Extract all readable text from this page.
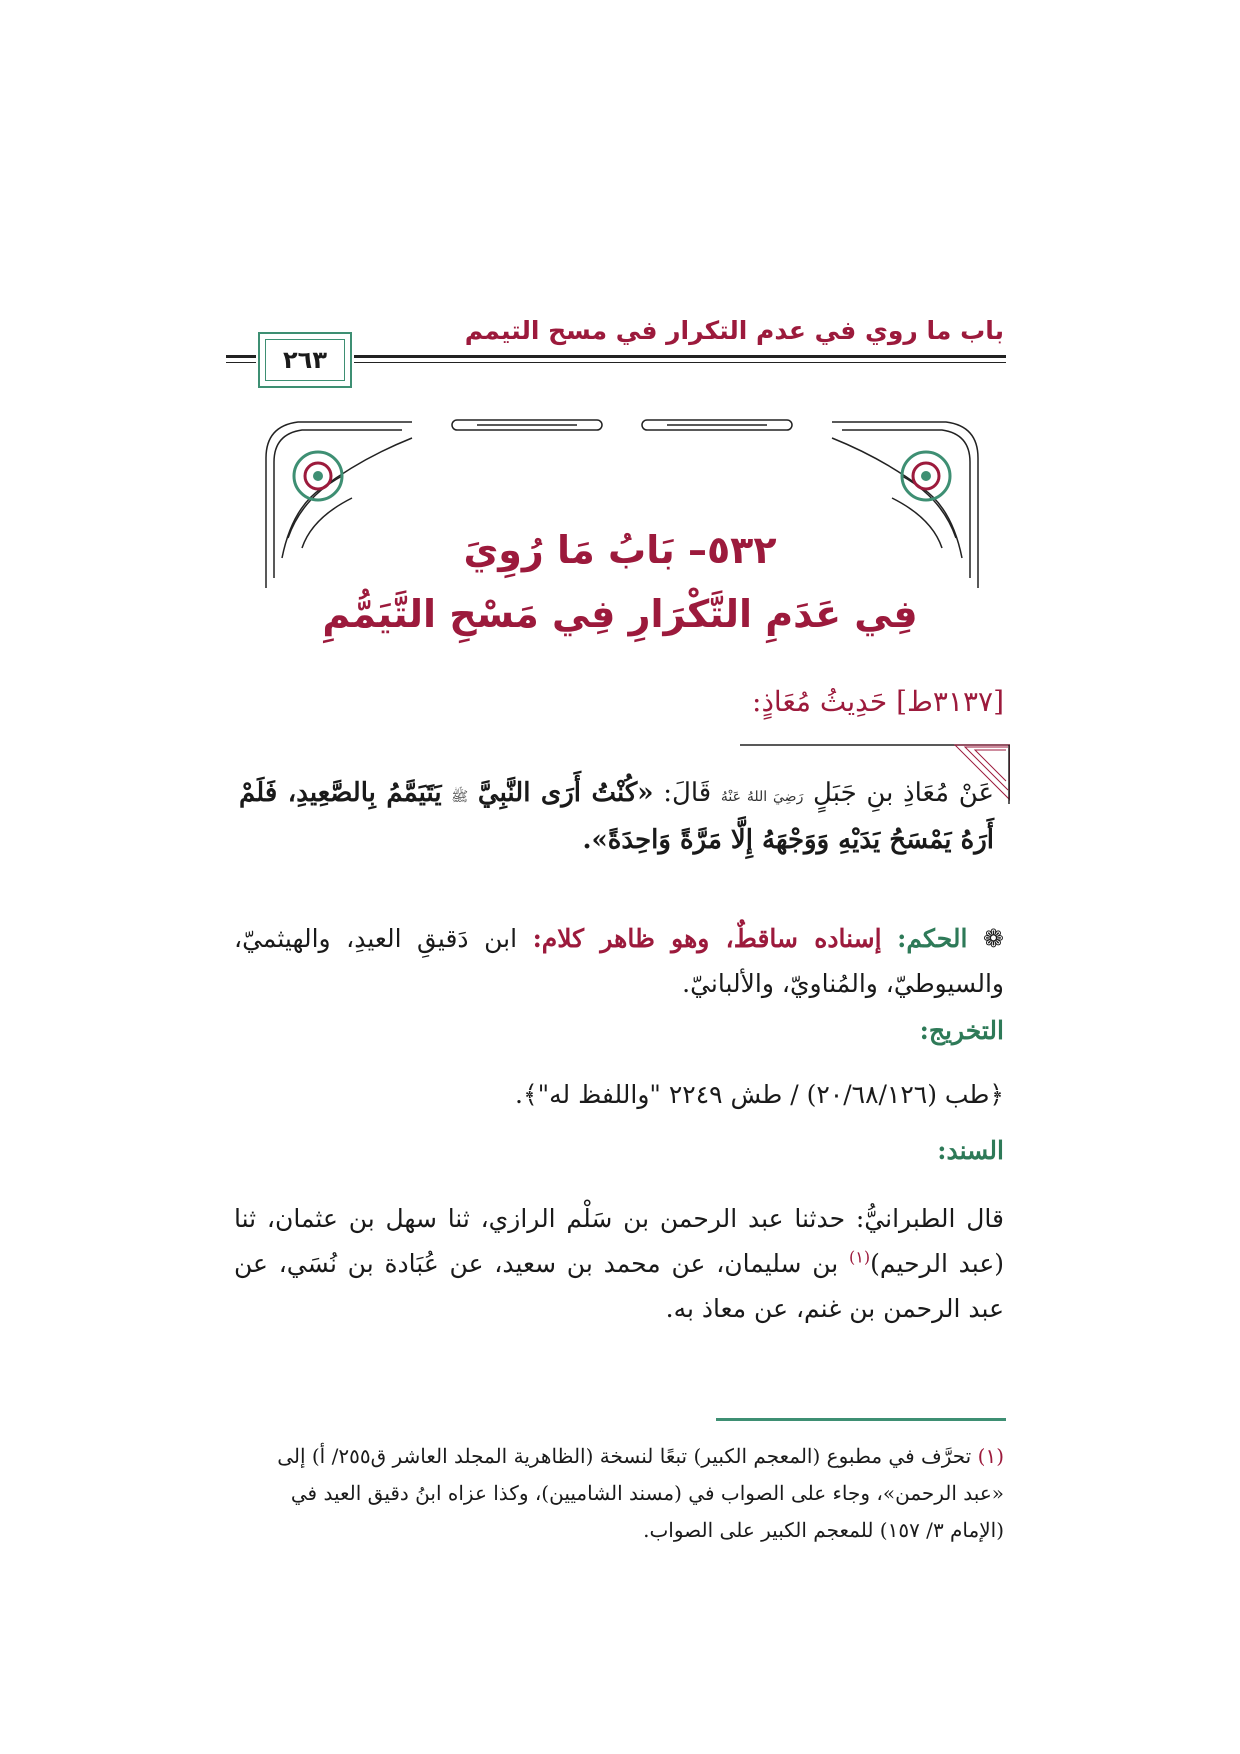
باب ما روي في عدم التكرار في مسح التيمم
٢٦٣
٥٣٢– بَابُ مَا رُوِيَ
فِي عَدَمِ التَّكْرَارِ فِي مَسْحِ التَّيَمُّمِ
[٣١٣٧ط] حَدِيثُ مُعَاذٍ:
عَنْ مُعَاذِ بنِ جَبَلٍ رَضِيَ اللهُ عَنْهُ قَالَ: «كُنْتُ أَرَى النَّبِيَّ ﷺ يَتَيَمَّمُ بِالصَّعِيدِ، فَلَمْ أَرَهُ يَمْسَحُ يَدَيْهِ وَوَجْهَهُ إِلَّا مَرَّةً وَاحِدَةً».
❁ الحكم: إسناده ساقطٌ، وهو ظاهر كلام: ابن دَقيقِ العيدِ، والهيثميّ، والسيوطيّ، والمُناويّ، والألبانيّ.
التخريج:
﴿طب (٢٠/٦٨/١٢٦) / طش ٢٢٤٩ "واللفظ له"﴾.
السند:
قال الطبرانيُّ: حدثنا عبد الرحمن بن سَلْم الرازي، ثنا سهل بن عثمان، ثنا (عبد الرحيم)$^{(١)}$ بن سليمان، عن محمد بن سعيد، عن عُبَادة بن نُسَي، عن عبد الرحمن بن غنم، عن معاذ به.
(١) تحرَّف في مطبوع (المعجم الكبير) تبعًا لنسخة (الظاهرية المجلد العاشر ق٢٥٥/ أ) إلى «عبد الرحمن»، وجاء على الصواب في (مسند الشاميين)، وكذا عزاه ابنُ دقيق العيد في (الإمام ٣/ ١٥٧) للمعجم الكبير على الصواب.
